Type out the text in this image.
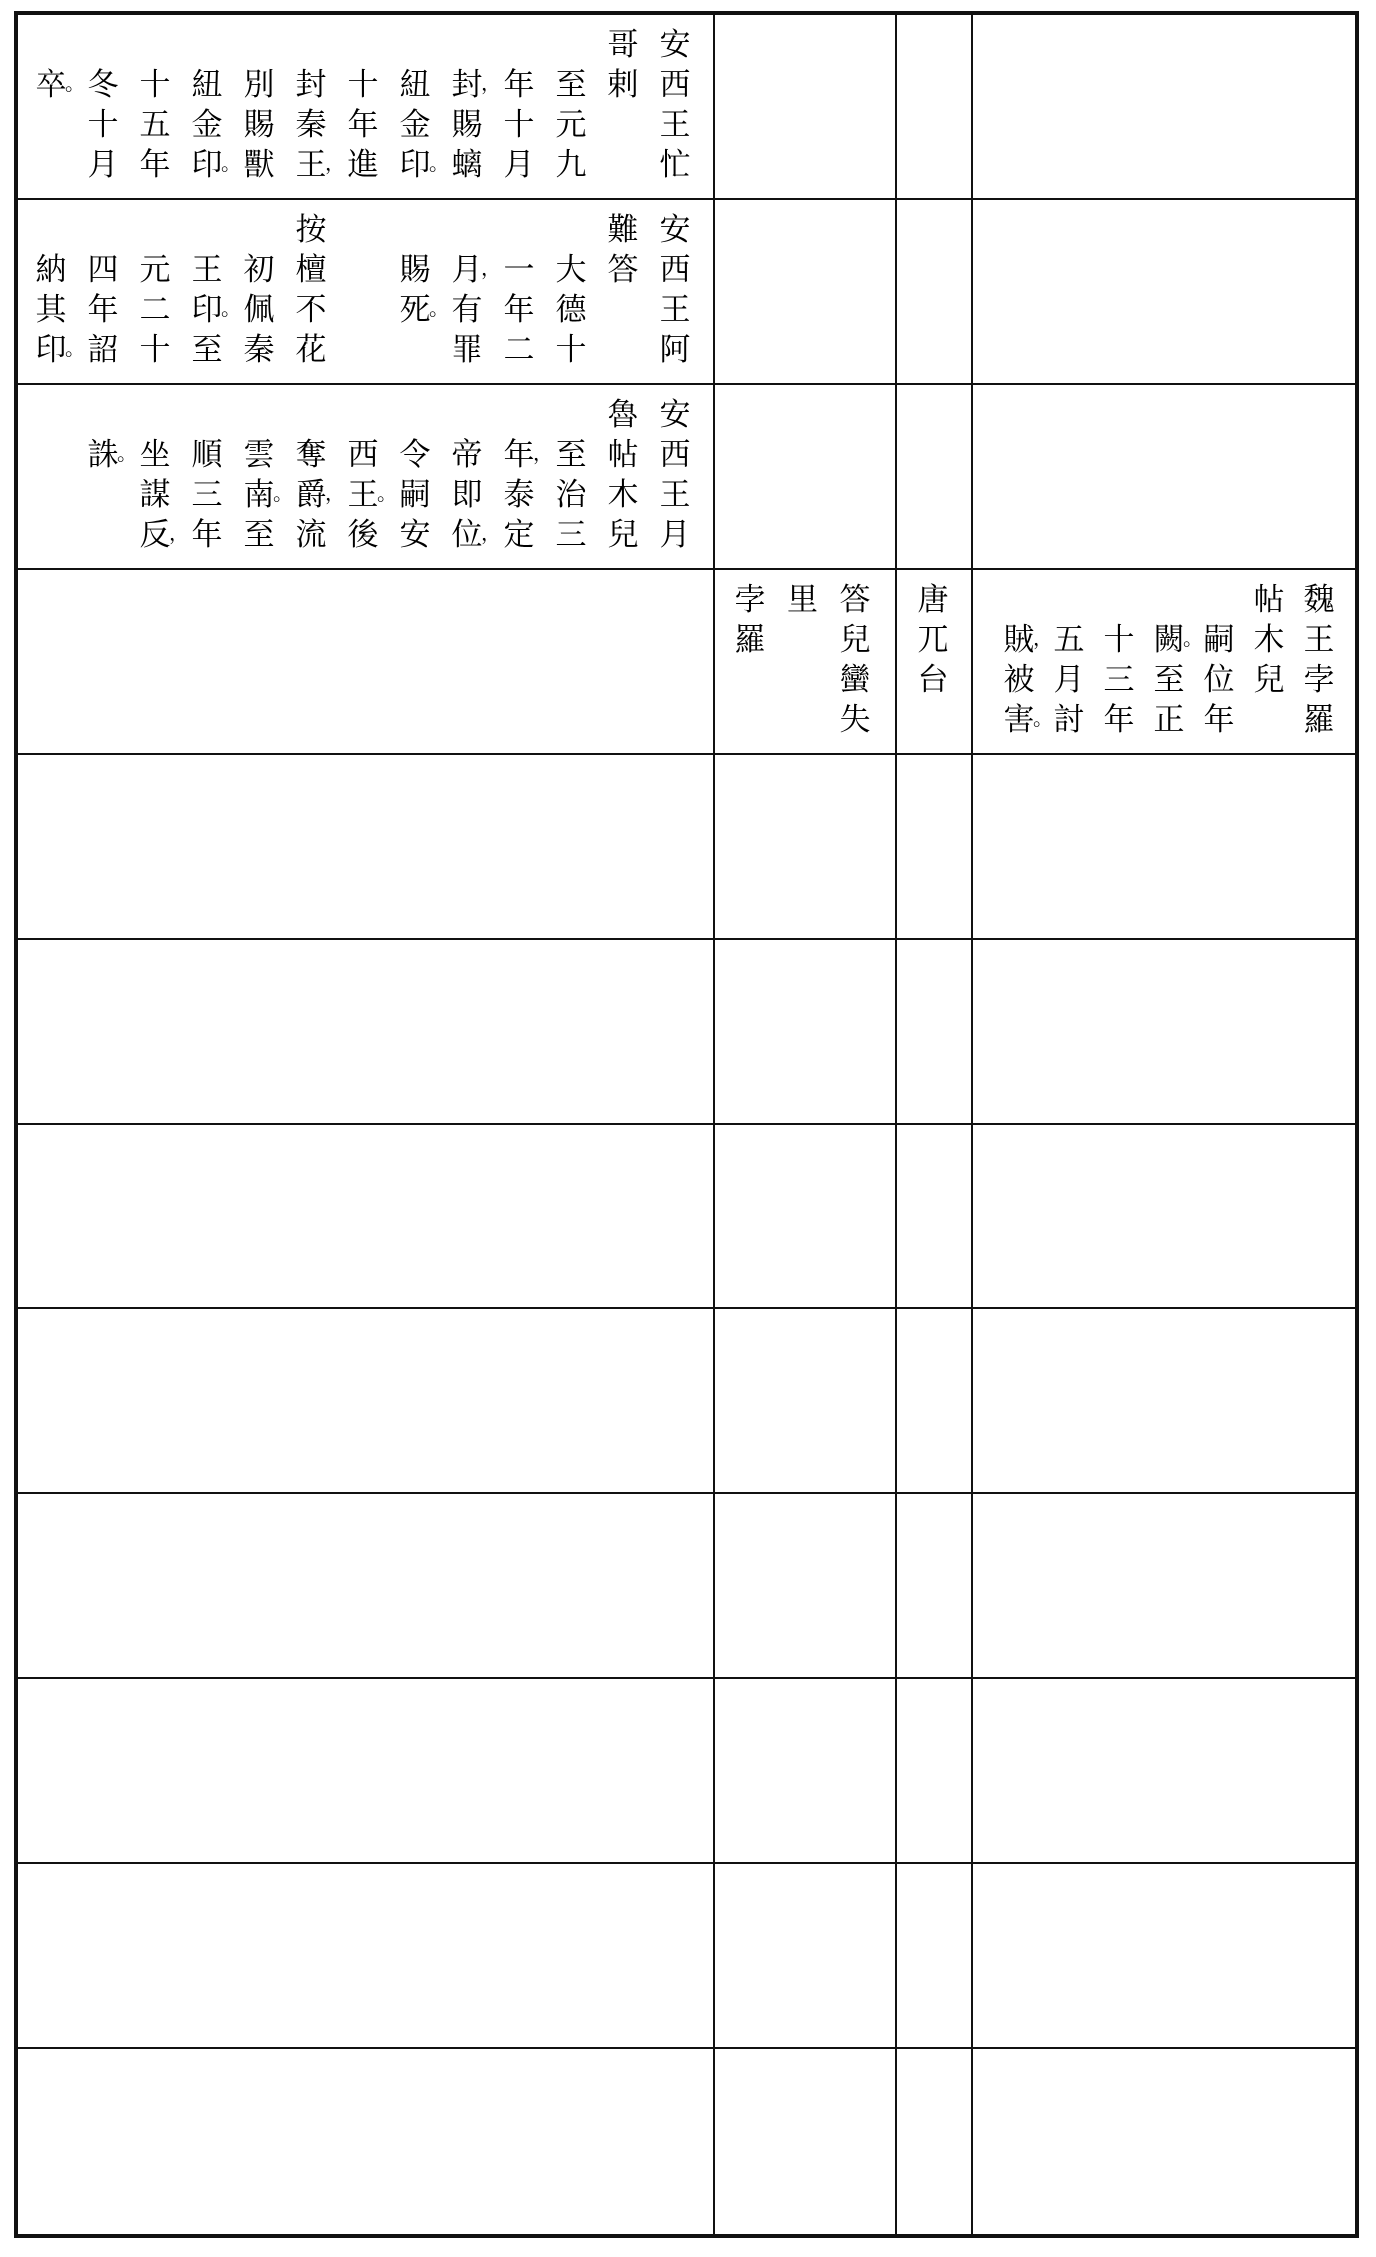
安
西
王
忙
哥
剌
至
元
九
年
十
月
封
，
賜
螭
紐
金
印
。
十
年
進
封
秦
王
，
別
賜
獸
紐
金
印
。
十
五
年
冬
十
月
卒
。
安
西
王
阿
難
答
大
德
十
一
年
二
月
，
有
罪
賜
死
。
按
檀
不
花
初
佩
秦
王
印
。
至
元
二
十
四
年
詔
納
其
印
。
安
西
王
月
魯
帖
木
兒
至
治
三
年
，
泰
定
帝
即
位
，
令
嗣
安
西
王
。
後
奪
爵
，
流
雲
南
。
至
順
三
年
坐
謀
反
，
誅
。
答
兒
蠻
失
里
孛
羅
唐
兀
台
魏
王
孛
羅
帖
木
兒
嗣
位
年
闕
。
至
正
十
三
年
五
月
討
賊
，
被
害
。
